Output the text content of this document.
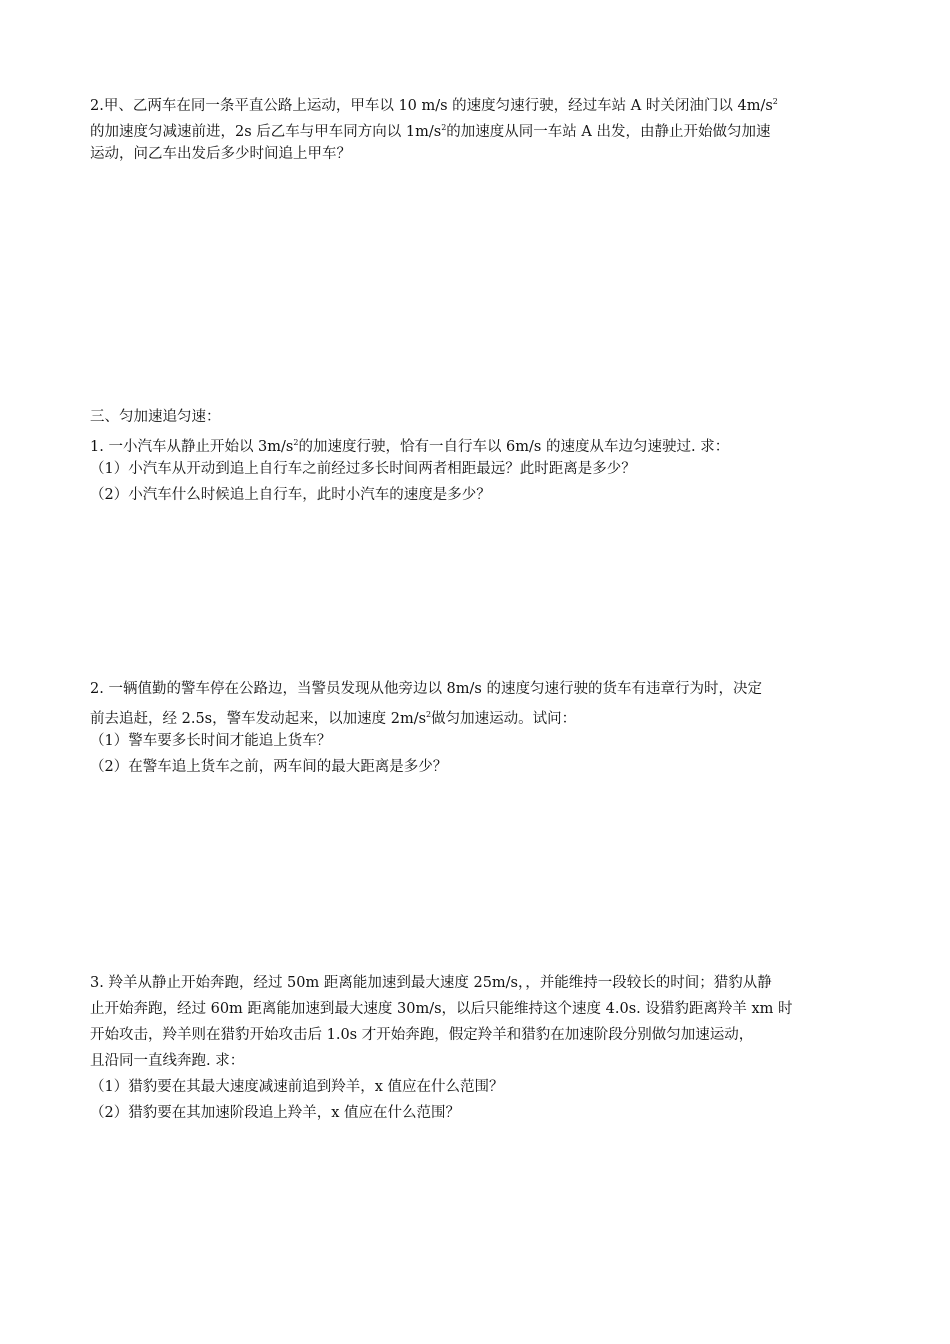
2.甲、乙两车在同一条平直公路上运动，甲车以 10 m/s 的速度匀速行驶，经过车站 A 时关闭油门以 $4m/s^2$
的加速度匀减速前进，2s 后乙车与甲车同方向以 $1m/s^2$的加速度从同一车站 A 出发，由静止开始做匀加速
运动，问乙车出发后多少时间追上甲车？
三、匀加速追匀速：
1. 一小汽车从静止开始以 $3m/s^2$的加速度行驶，恰有一自行车以 6m/s 的速度从车边匀速驶过. 求：
（1）小汽车从开动到追上自行车之前经过多长时间两者相距最远？此时距离是多少？
（2）小汽车什么时候追上自行车，此时小汽车的速度是多少？
2. 一辆值勤的警车停在公路边，当警员发现从他旁边以 8m/s 的速度匀速行驶的货车有违章行为时，决定
前去追赶，经 2.5s，警车发动起来，以加速度 $2m/s^2$做匀加速运动。试问：
（1）警车要多长时间才能追上货车？
（2）在警车追上货车之前，两车间的最大距离是多少？
3. 羚羊从静止开始奔跑，经过 50m 距离能加速到最大速度 25m/s，，并能维持一段较长的时间；猎豹从静
止开始奔跑，经过 60m 距离能加速到最大速度 30m/s，以后只能维持这个速度 4.0s. 设猎豹距离羚羊 xm 时
开始攻击，羚羊则在猎豹开始攻击后 1.0s 才开始奔跑，假定羚羊和猎豹在加速阶段分别做匀加速运动，
且沿同一直线奔跑. 求：
（1）猎豹要在其最大速度减速前追到羚羊，x 值应在什么范围？
（2）猎豹要在其加速阶段追上羚羊，x 值应在什么范围？
